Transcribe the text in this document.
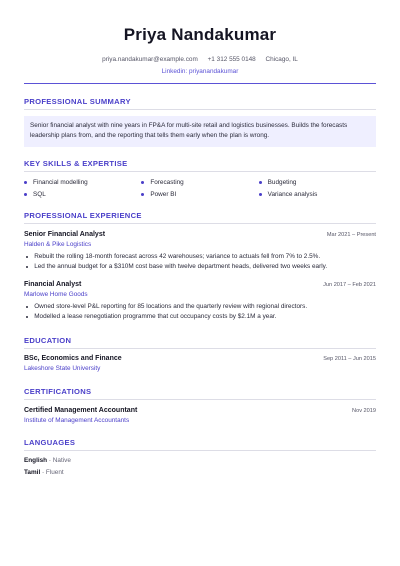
Priya Nandakumar
priya.nandakumar@example.com +1 312 555 0148 Chicago, IL
Linkedin: priyanandakumar
PROFESSIONAL SUMMARY
Senior financial analyst with nine years in FP&A for multi-site retail and logistics businesses. Builds the forecasts leadership plans from, and the reporting that tells them early when the plan is wrong.
KEY SKILLS & EXPERTISE
Financial modelling	Forecasting	Budgeting
SQL	Power BI	Variance analysis
PROFESSIONAL EXPERIENCE
Senior Financial Analyst	Mar 2021 – Present
Halden & Pike Logistics
Rebuilt the rolling 18-month forecast across 42 warehouses; variance to actuals fell from 7% to 2.5%.
Led the annual budget for a $310M cost base with twelve department heads, delivered two weeks early.
Financial Analyst	Jun 2017 – Feb 2021
Marlowe Home Goods
Owned store-level P&L reporting for 85 locations and the quarterly review with regional directors.
Modelled a lease renegotiation programme that cut occupancy costs by $2.1M a year.
EDUCATION
BSc, Economics and Finance	Sep 2011 – Jun 2015
Lakeshore State University
CERTIFICATIONS
Certified Management Accountant	Nov 2019
Institute of Management Accountants
LANGUAGES
English · Native
Tamil · Fluent
